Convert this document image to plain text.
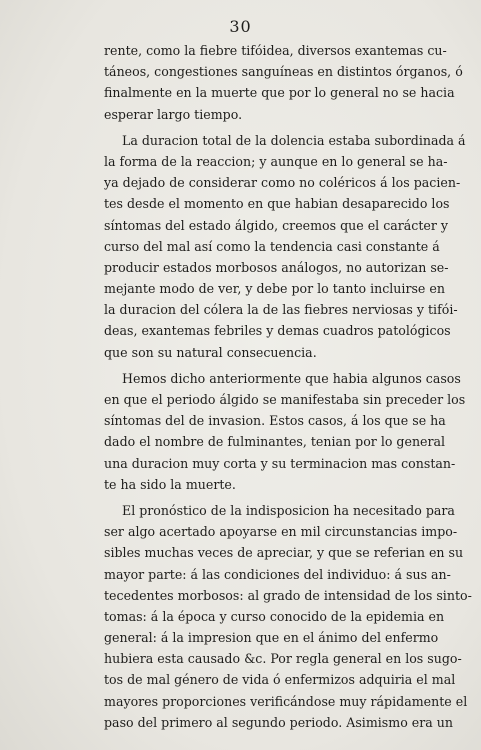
30
rente, como la fiebre tifóidea, diversos exantemas cu-
táneos, congestiones sanguíneas en distintos órganos, ó
finalmente en la muerte que por lo general no se hacia
esperar largo tiempo.
La duracion total de la dolencia estaba subordinada á
la forma de la reaccion; y aunque en lo general se ha-
ya dejado de considerar como no coléricos á los pacien-
tes desde el momento en que habian desaparecido los
síntomas del estado álgido, creemos que el carácter y
curso del mal así como la tendencia casi constante á
producir estados morbosos análogos, no autorizan se-
mejante modo de ver, y debe por lo tanto incluirse en
la duracion del cólera la de las fiebres nerviosas y tifói-
deas, exantemas febriles y demas cuadros patológicos
que son su natural consecuencia.
Hemos dicho anteriormente que habia algunos casos
en que el periodo álgido se manifestaba sin preceder los
síntomas del de invasion. Estos casos, á los que se ha
dado el nombre de fulminantes, tenian por lo general
una duracion muy corta y su terminacion mas constan-
te ha sido la muerte.
El pronóstico de la indisposicion ha necesitado para
ser algo acertado apoyarse en mil circunstancias impo-
sibles muchas veces de apreciar, y que se referian en su
mayor parte: á las condiciones del individuo: á sus an-
tecedentes morbosos: al grado de intensidad de los sinto-
tomas: á la época y curso conocido de la epidemia en
general: á la impresion que en el ánimo del enfermo
hubiera esta causado &c. Por regla general en los sugo-
tos de mal género de vida ó enfermizos adquiria el mal
mayores proporciones verificándose muy rápidamente el
paso del primero al segundo periodo. Asimismo era un
